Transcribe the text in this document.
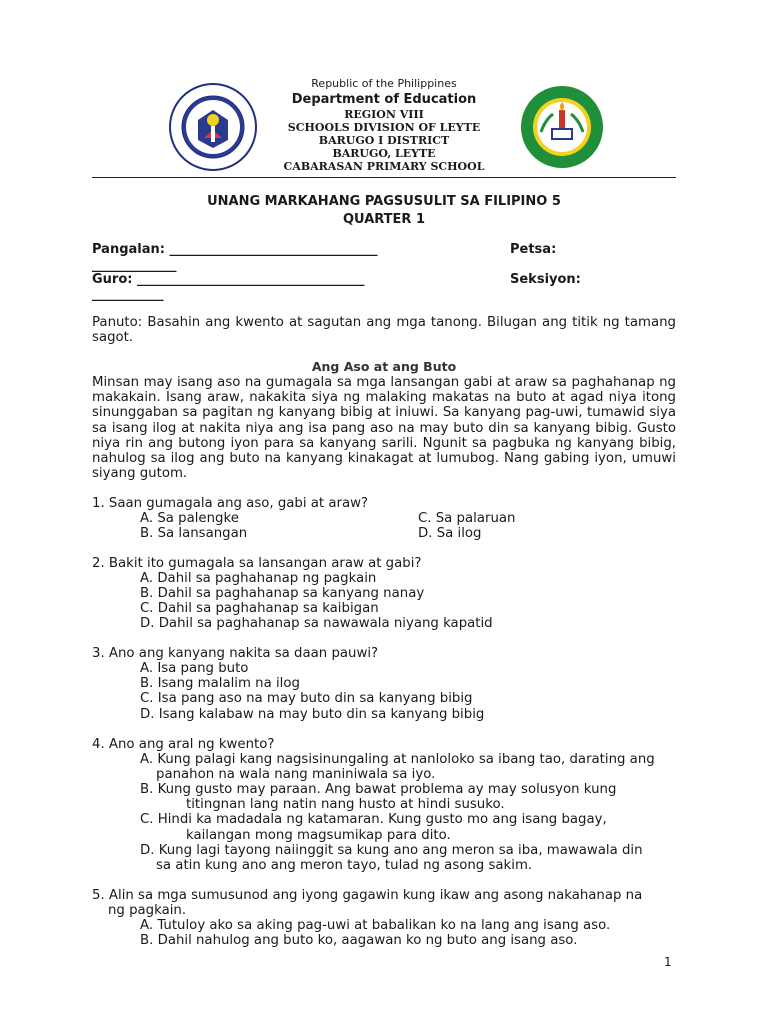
Republic of the Philippines
Department of Education
REGION VIII
SCHOOLS DIVISION OF LEYTE
BARUGO I DISTRICT
BARUGO, LEYTE
CABARASAN PRIMARY SCHOOL
UNANG MARKAHANG PAGSUSULIT SA FILIPINO 5
QUARTER 1
Pangalan: ________________________________	Petsa:
_____________
Guro: ___________________________________	Seksiyon:
___________
Panuto: Basahin ang kwento at sagutan ang mga tanong. Bilugan ang titik ng tamang sagot.
Ang Aso at ang Buto
Minsan may isang aso na gumagala sa mga lansangan gabi at araw sa paghahanap ng makakain. Isang araw, nakakita siya ng malaking makatas na buto at agad niya itong sinunggaban sa pagitan ng kanyang bibig at iniuwi. Sa kanyang pag-uwi, tumawid siya sa isang ilog at nakita niya ang isa pang aso na may buto din sa kanyang bibig. Gusto niya rin ang butong iyon para sa kanyang sarili. Ngunit sa pagbuka ng kanyang bibig, nahulog sa ilog ang buto na kanyang kinakagat at lumubog. Nang gabing iyon, umuwi siyang gutom.
1. Saan gumagala ang aso, gabi at araw?
A. Sa palengke
B. Sa lansangan
C. Sa palaruan
D. Sa ilog
2. Bakit ito gumagala sa lansangan araw at gabi?
A. Dahil sa paghahanap ng pagkain
B. Dahil sa paghahanap sa kanyang nanay
C. Dahil sa paghahanap sa kaibigan
D. Dahil sa paghahanap sa nawawala niyang kapatid
3. Ano ang kanyang nakita sa daan pauwi?
A. Isa pang buto
B. Isang malalim na ilog
C. Isa pang aso na may buto din sa kanyang bibig
D. Isang kalabaw na may buto din sa kanyang bibig
4. Ano ang aral ng kwento?
A. Kung palagi kang nagsisinungaling at nanloloko sa ibang tao, darating ang
panahon na wala nang maniniwala sa iyo.
B. Kung gusto may paraan. Ang bawat problema ay may solusyon kung
titingnan lang natin nang husto at hindi susuko.
C. Hindi ka madadala ng katamaran. Kung gusto mo ang isang bagay,
kailangan mong magsumikap para dito.
D. Kung lagi tayong naiinggit sa kung ano ang meron sa iba, mawawala din
sa atin kung ano ang meron tayo, tulad ng asong sakim.
5. Alin sa mga sumusunod ang iyong gagawin kung ikaw ang asong nakahanap na
ng pagkain.
A. Tutuloy ako sa aking pag-uwi at babalikan ko na lang ang isang aso.
B. Dahil nahulog ang buto ko, aagawan ko ng buto ang isang aso.
1
